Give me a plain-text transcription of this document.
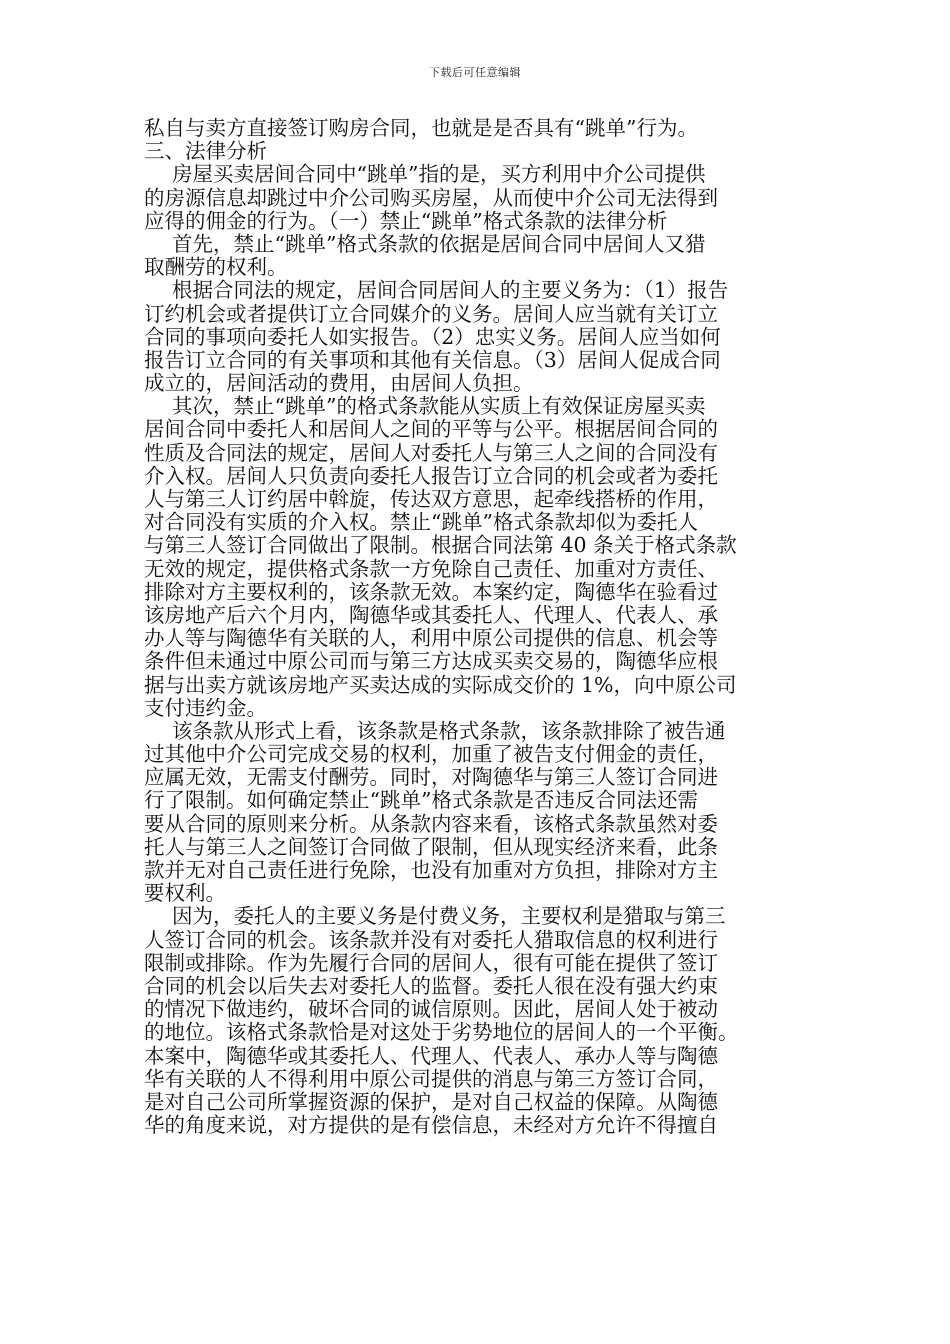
下载后可任意编辑
私自与卖方直接签订购房合同，也就是是否具有“跳单”行为。
三、法律分析
房屋买卖居间合同中“跳单”指的是，买方利用中介公司提供
的房源信息却跳过中介公司购买房屋，从而使中介公司无法得到
应得的佣金的行为。（一）禁止“跳单”格式条款的法律分析
首先，禁止“跳单”格式条款的依据是居间合同中居间人又猎
取酬劳的权利。
根据合同法的规定，居间合同居间人的主要义务为：（1）报告
订约机会或者提供订立合同媒介的义务。居间人应当就有关订立
合同的事项向委托人如实报告。（2）忠实义务。居间人应当如何
报告订立合同的有关事项和其他有关信息。（3）居间人促成合同
成立的，居间活动的费用，由居间人负担。
其次，禁止“跳单”的格式条款能从实质上有效保证房屋买卖
居间合同中委托人和居间人之间的平等与公平。根据居间合同的
性质及合同法的规定，居间人对委托人与第三人之间的合同没有
介入权。居间人只负责向委托人报告订立合同的机会或者为委托
人与第三人订约居中斡旋，传达双方意思，起牵线搭桥的作用，
对合同没有实质的介入权。禁止“跳单”格式条款却似为委托人
与第三人签订合同做出了限制。根据合同法第 40 条关于格式条款
无效的规定，提供格式条款一方免除自己责任、加重对方责任、
排除对方主要权利的，该条款无效。本案约定，陶德华在验看过
该房地产后六个月内，陶德华或其委托人、代理人、代表人、承
办人等与陶德华有关联的人，利用中原公司提供的信息、机会等
条件但未通过中原公司而与第三方达成买卖交易的，陶德华应根
据与出卖方就该房地产买卖达成的实际成交价的 1%，向中原公司
支付违约金。
该条款从形式上看，该条款是格式条款，该条款排除了被告通
过其他中介公司完成交易的权利，加重了被告支付佣金的责任，
应属无效，无需支付酬劳。同时，对陶德华与第三人签订合同进
行了限制。如何确定禁止“跳单”格式条款是否违反合同法还需
要从合同的原则来分析。从条款内容来看，该格式条款虽然对委
托人与第三人之间签订合同做了限制，但从现实经济来看，此条
款并无对自己责任进行免除，也没有加重对方负担，排除对方主
要权利。
因为，委托人的主要义务是付费义务，主要权利是猎取与第三
人签订合同的机会。该条款并没有对委托人猎取信息的权利进行
限制或排除。作为先履行合同的居间人，很有可能在提供了签订
合同的机会以后失去对委托人的监督。委托人很在没有强大约束
的情况下做违约，破坏合同的诚信原则。因此，居间人处于被动
的地位。该格式条款恰是对这处于劣势地位的居间人的一个平衡。
本案中，陶德华或其委托人、代理人、代表人、承办人等与陶德
华有关联的人不得利用中原公司提供的消息与第三方签订合同，
是对自己公司所掌握资源的保护，是对自己权益的保障。从陶德
华的角度来说，对方提供的是有偿信息，未经对方允许不得擅自
